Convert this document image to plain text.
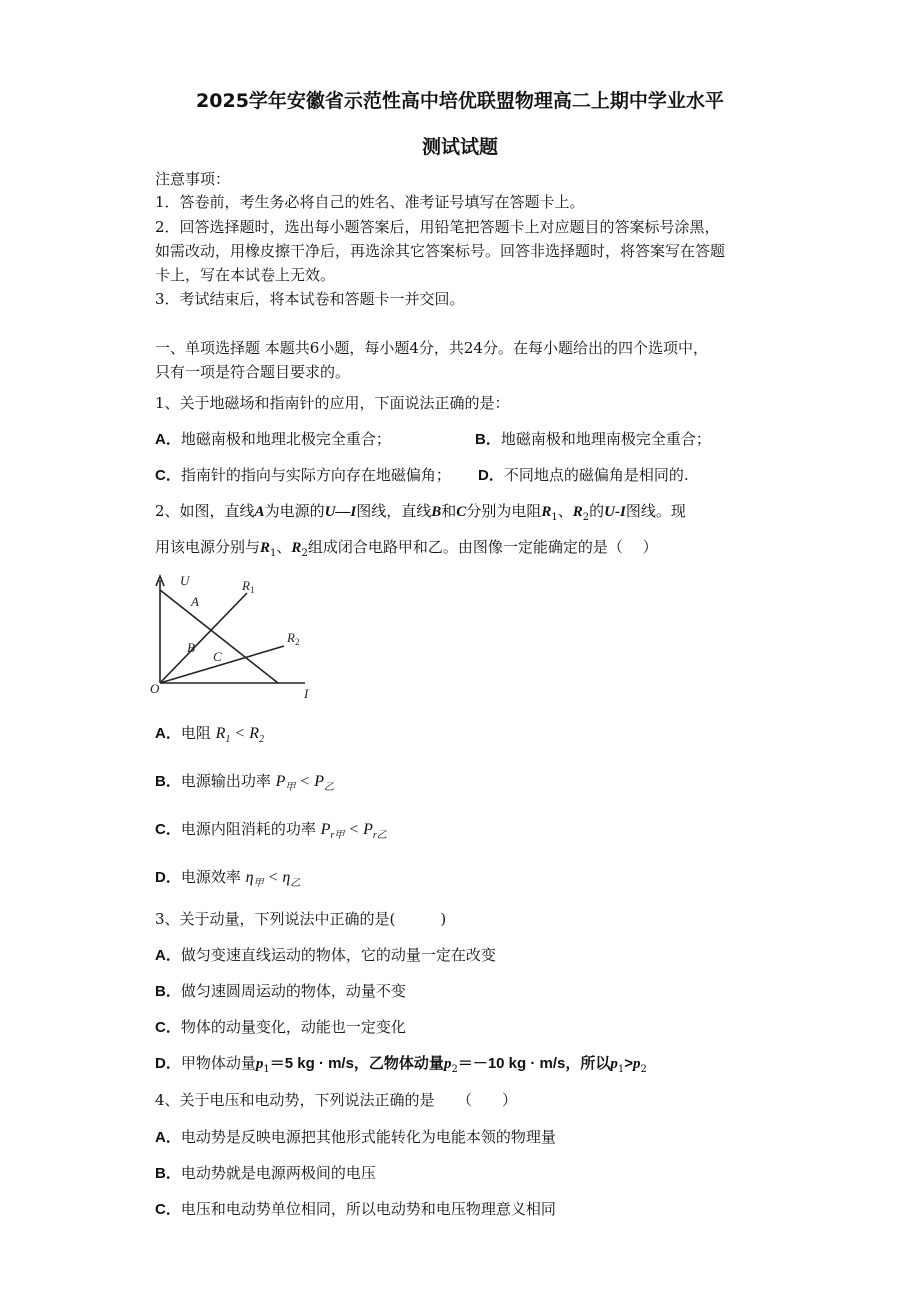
2025学年安徽省示范性高中培优联盟物理高二上期中学业水平
测试试题
注意事项：
1．答卷前，考生务必将自己的姓名、准考证号填写在答题卡上。
2．回答选择题时，选出每小题答案后，用铅笔把答题卡上对应题目的答案标号涂黑，
如需改动，用橡皮擦干净后，再选涂其它答案标号。回答非选择题时，将答案写在答题
卡上，写在本试卷上无效。
3．考试结束后，将本试卷和答题卡一并交回。
一、单项选择题 本题共6小题，每小题4分，共24分。在每小题给出的四个选项中，
只有一项是符合题目要求的。
1、关于地磁场和指南针的应用，下面说法正确的是：
A．地磁南极和地理北极完全重合；	B．地磁南极和地理南极完全重合；
C．指南针的指向与实际方向存在地磁偏角； D．不同地点的磁偏角是相同的.
2、如图，直线A为电源的U—I图线，直线B和C分别为电阻$R_1$、$R_2$的U-I图线。现
用该电源分别与$R_1$、$R_2$组成闭合电路甲和乙。由图像一定能确定的是（　 ）
U
I
O
A
B
C
$R_1$
$R_2$
A．电阻 $R_1 < R_2$
B．电源输出功率 $P_甲 < P_乙$
C．电源内阻消耗的功率 $P_{r甲} < P_{r乙}$
D．电源效率 $\eta_甲 < \eta_乙$
3、关于动量，下列说法中正确的是(　　　)
A．做匀变速直线运动的物体，它的动量一定在改变
B．做匀速圆周运动的物体，动量不变
C．物体的动量变化，动能也一定变化
D．甲物体动量$p_1=5$ kg · m/s，乙物体动量$p_2=-10$ kg · m/s，所以$p_1>p_2$
4、关于电压和电动势，下列说法正确的是　　（　　）
A．电动势是反映电源把其他形式能转化为电能本领的物理量
B．电动势就是电源两极间的电压
C．电压和电动势单位相同，所以电动势和电压物理意义相同
